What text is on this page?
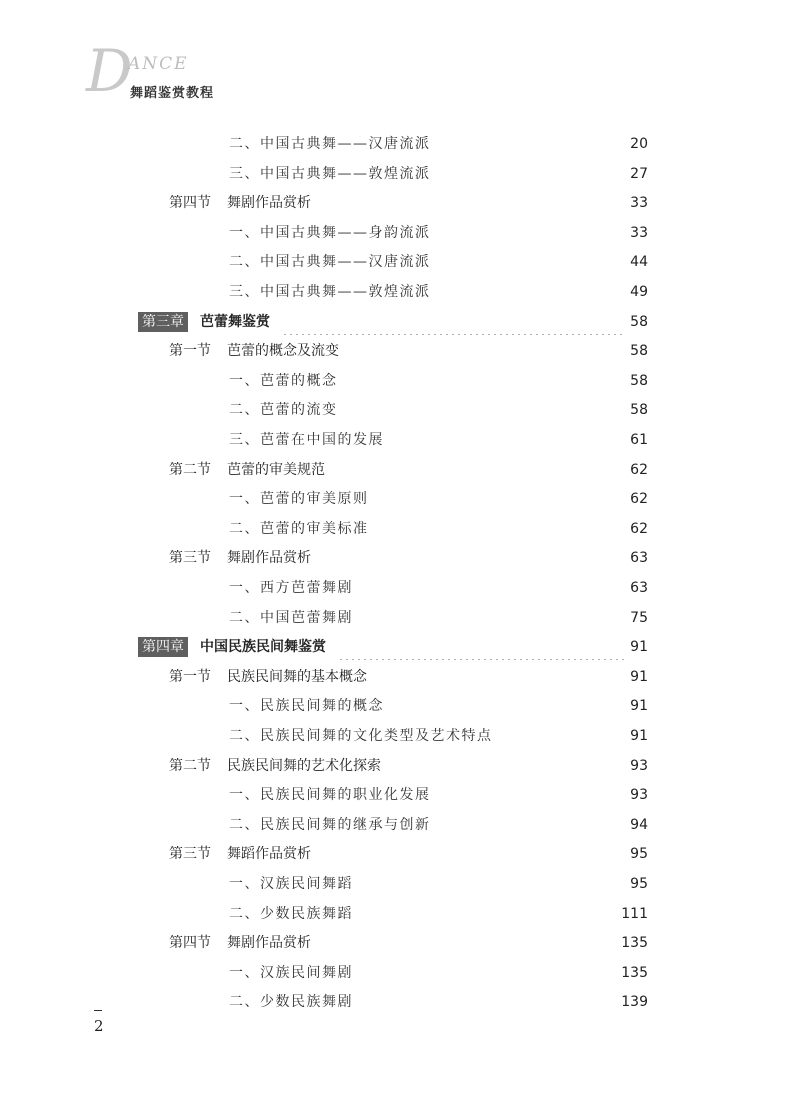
D
ANCE
舞蹈鉴赏教程
二、中国古典舞——汉唐流派	20
三、中国古典舞——敦煌流派	27
第四节 舞剧作品赏析	33
一、中国古典舞——身韵流派	33
二、中国古典舞——汉唐流派	44
三、中国古典舞——敦煌流派	49
第三章 芭蕾舞鉴赏	58
第一节 芭蕾的概念及流变	58
一、芭蕾的概念	58
二、芭蕾的流变	58
三、芭蕾在中国的发展	61
第二节 芭蕾的审美规范	62
一、芭蕾的审美原则	62
二、芭蕾的审美标准	62
第三节 舞剧作品赏析	63
一、西方芭蕾舞剧	63
二、中国芭蕾舞剧	75
第四章 中国民族民间舞鉴赏	91
第一节 民族民间舞的基本概念	91
一、民族民间舞的概念	91
二、民族民间舞的文化类型及艺术特点	91
第二节 民族民间舞的艺术化探索	93
一、民族民间舞的职业化发展	93
二、民族民间舞的继承与创新	94
第三节 舞蹈作品赏析	95
一、汉族民间舞蹈	95
二、少数民族舞蹈	111
第四节 舞剧作品赏析	135
一、汉族民间舞剧	135
二、少数民族舞剧	139
2
